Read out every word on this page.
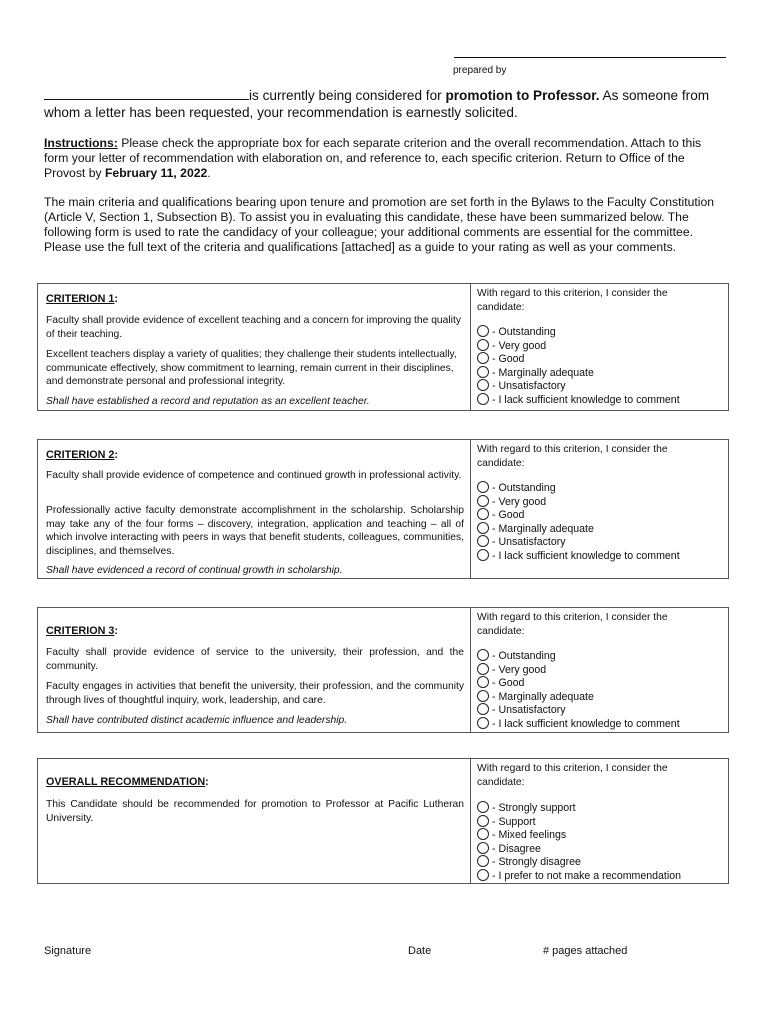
prepared by
is currently being considered for promotion to Professor. As someone from whom a letter has been requested, your recommendation is earnestly solicited.
Instructions: Please check the appropriate box for each separate criterion and the overall recommendation. Attach to this form your letter of recommendation with elaboration on, and reference to, each specific criterion. Return to Office of the Provost by February 11, 2022.
The main criteria and qualifications bearing upon tenure and promotion are set forth in the Bylaws to the Faculty Constitution (Article V, Section 1, Subsection B). To assist you in evaluating this candidate, these have been summarized below. The following form is used to rate the candidacy of your colleague; your additional comments are essential for the committee. Please use the full text of the criteria and qualifications [attached] as a guide to your rating as well as your comments.
CRITERION 1:
Faculty shall provide evidence of excellent teaching and a concern for improving the quality of their teaching.
Excellent teachers display a variety of qualities; they challenge their students intellectually, communicate effectively, show commitment to learning, remain current in their disciplines, and demonstrate personal and professional integrity.
Shall have established a record and reputation as an excellent teacher.
With regard to this criterion, I consider the candidate:
- Outstanding
- Very good
- Good
- Marginally adequate
- Unsatisfactory
- I lack sufficient knowledge to comment
CRITERION 2:
Faculty shall provide evidence of competence and continued growth in professional activity.
Professionally active faculty demonstrate accomplishment in the scholarship. Scholarship may take any of the four forms – discovery, integration, application and teaching – all of which involve interacting with peers in ways that benefit students, colleagues, communities, disciplines, and themselves.
Shall have evidenced a record of continual growth in scholarship.
With regard to this criterion, I consider the candidate:
- Outstanding
- Very good
- Good
- Marginally adequate
- Unsatisfactory
- I lack sufficient knowledge to comment
CRITERION 3:
Faculty shall provide evidence of service to the university, their profession, and the community.
Faculty engages in activities that benefit the university, their profession, and the community through lives of thoughtful inquiry, work, leadership, and care.
Shall have contributed distinct academic influence and leadership.
With regard to this criterion, I consider the candidate:
- Outstanding
- Very good
- Good
- Marginally adequate
- Unsatisfactory
- I lack sufficient knowledge to comment
OVERALL RECOMMENDATION:
This Candidate should be recommended for promotion to Professor at Pacific Lutheran University.
With regard to this criterion, I consider the candidate:
- Strongly support
- Support
- Mixed feelings
- Disagree
- Strongly disagree
- I prefer to not make a recommendation
Signature	Date	# pages attached
